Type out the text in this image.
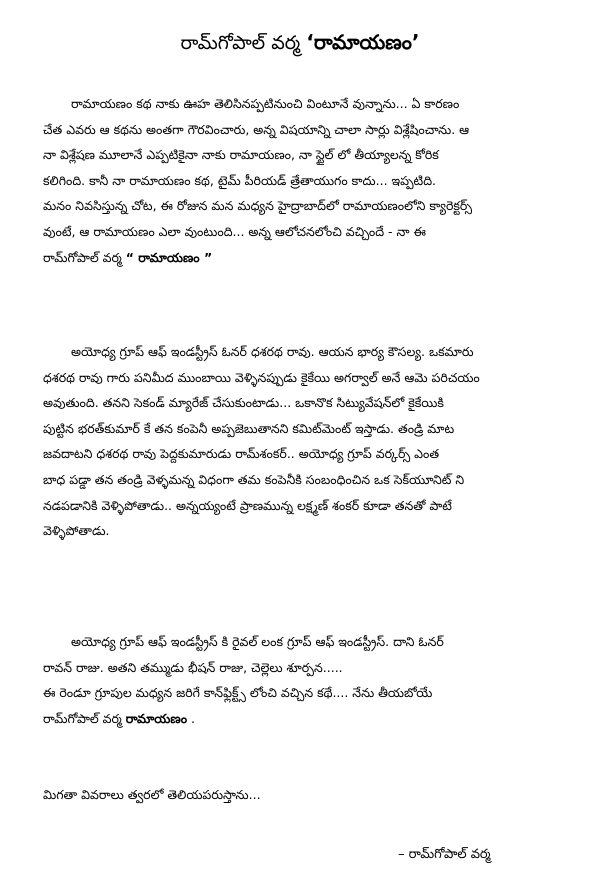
రామ్‌గోపాల్ వర్మ ‘రామాయణం’
రామాయణం కథ నాకు ఊహ తెలిసినప్పటినుంచి వింటూనే వున్నాను... ఏ కారణం
చేత ఎవరు ఆ కథను అంతగా గౌరవించారు, అన్న విషయాన్ని చాలా సార్లు విశ్లేషించాను. ఆ
నా విశ్లేషణ మూలానే ఎప్పటికైనా నాకు రామాయణం, నా స్టైల్ లో తీయ్యాలన్న కోరిక
కలిగింది. కానీ నా రామాయణం కథ, టైమ్ పీరియడ్ త్రేతాయుగం కాదు... ఇప్పటిది.
మనం నివసిస్తున్న చోట, ఈ రోజున మన మధ్యన హైద్రాబాద్‌లో రామాయణంలోని క్యారెక్టర్స్
వుంటే, ఆ రామాయణం ఎలా వుంటుంది... అన్న ఆలోచనలోంచి వచ్చిందే - నా ఈ
రామ్‌గోపాల్ వర్మ “ రామాయణం ”
అయోధ్య గ్రూప్ ఆఫ్ ఇండస్ట్రీస్ ఓనర్ ధశరథ రావు. ఆయన భార్య కౌసల్య. ఒకమారు
ధశరథ రావు గారు పనిమీద ముంబాయి వెళ్ళినప్పుడు కైకేయి అగర్వాల్ అనే ఆమె పరిచయం
అవుతుంది. తనని సెకండ్ మ్యారేజ్ చేసుకుంటాడు... ఒకానొక సిట్యువేషన్‌లో కైకేయికి
పుట్టిన భరత్‌కుమార్ కే తన కంపెనీ అప్పజెబుతానని కమిట్‌మెంట్ ఇస్తాడు. తండ్రి మాట
జవదాటని ధశరథ రావు పెద్దకుమారుడు రామ్‌శంకర్.. అయోధ్య గ్రూప్ వర్కర్స్ ఎంత
బాధ పడ్డా తన తండ్రి వెళ్ళమన్న విధంగా తమ కంపెనీకి సంబంధించిన ఒక సెక్‌యూనిట్ ని
నడపడానికి వెళ్ళిపోతాడు.. అన్నయ్యంటే ప్రాణమున్న లక్ష్మణ్ శంకర్ కూడా తనతో పాటే
వెళ్ళిపోతాడు.
అయోధ్య గ్రూప్ ఆఫ్ ఇండస్ట్రీస్ కి రైవల్ లంక గ్రూప్ ఆఫ్ ఇండస్ట్రీస్. దాని ఓనర్
రావన్ రాజు. అతని తమ్ముడు భీషన్ రాజు, చెల్లెలు శూర్పన.....
ఈ రెండూ గ్రూపుల మధ్యన జరిగే కాన్‌ఫ్లిక్ట్స్ లోంచి వచ్చిన కథే.... నేను తీయబోయే
రామ్‌గోపాల్ వర్మ రామాయణం .
మిగతా వివరాలు త్వరలో తెలియపరుస్తాను...
– రామ్‌గోపాల్ వర్మ
